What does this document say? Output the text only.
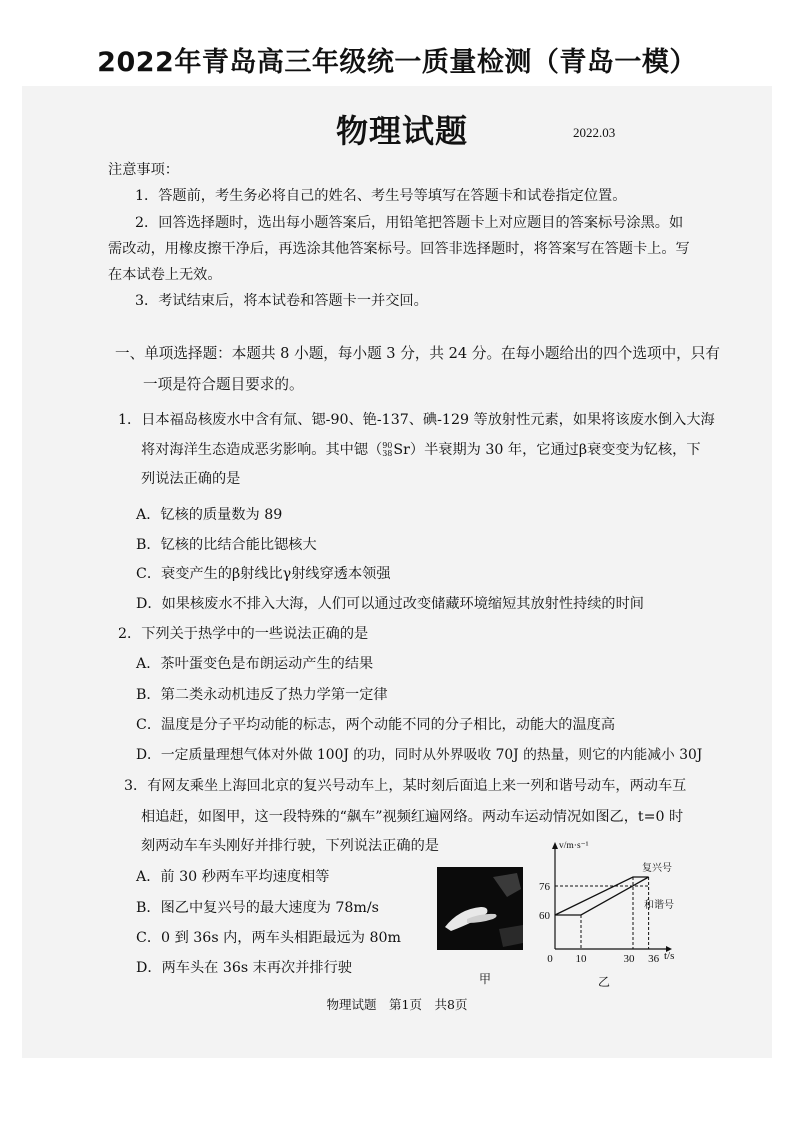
2022年青岛高三年级统一质量检测（青岛一模）
物理试题	2022.03
注意事项：
1．答题前，考生务必将自己的姓名、考生号等填写在答题卡和试卷指定位置。
2．回答选择题时，选出每小题答案后，用铅笔把答题卡上对应题目的答案标号涂黑。如
需改动，用橡皮擦干净后，再选涂其他答案标号。回答非选择题时，将答案写在答题卡上。写
在本试卷上无效。
3．考试结束后，将本试卷和答题卡一并交回。
一、单项选择题：本题共 8 小题，每小题 3 分，共 24 分。在每小题给出的四个选项中，只有
一项是符合题目要求的。
1．日本福岛核废水中含有氚、锶-90、铯-137、碘-129 等放射性元素，如果将该废水倒入大海
将对海洋生态造成恶劣影响。其中锶（ 90
38 Sr）半衰期为 30 年，它通过β衰变变为钇核，下
列说法正确的是
A．钇核的质量数为 89
B．钇核的比结合能比锶核大
C．衰变产生的β射线比γ射线穿透本领强
D．如果核废水不排入大海，人们可以通过改变储藏环境缩短其放射性持续的时间
2．下列关于热学中的一些说法正确的是
A．茶叶蛋变色是布朗运动产生的结果
B．第二类永动机违反了热力学第一定律
C．温度是分子平均动能的标志，两个动能不同的分子相比，动能大的温度高
D．一定质量理想气体对外做 100J 的功，同时从外界吸收 70J 的热量，则它的内能减小 30J
3．有网友乘坐上海回北京的复兴号动车上，某时刻后面追上来一列和谐号动车，两动车互
相追赶，如图甲，这一段特殊的“飙车”视频红遍网络。两动车运动情况如图乙，t=0 时
刻两动车车头刚好并排行驶，下列说法正确的是
A．前 30 秒两车平均速度相等
B．图乙中复兴号的最大速度为 78m/s
C．0 到 36s 内，两车头相距最远为 80m
D．两车头在 36s 末再次并排行驶
甲	乙
0 10	30 36 t/s
60
76
v/m·s⁻¹
复兴号
和谐号
物理试题　第1页　共8页
